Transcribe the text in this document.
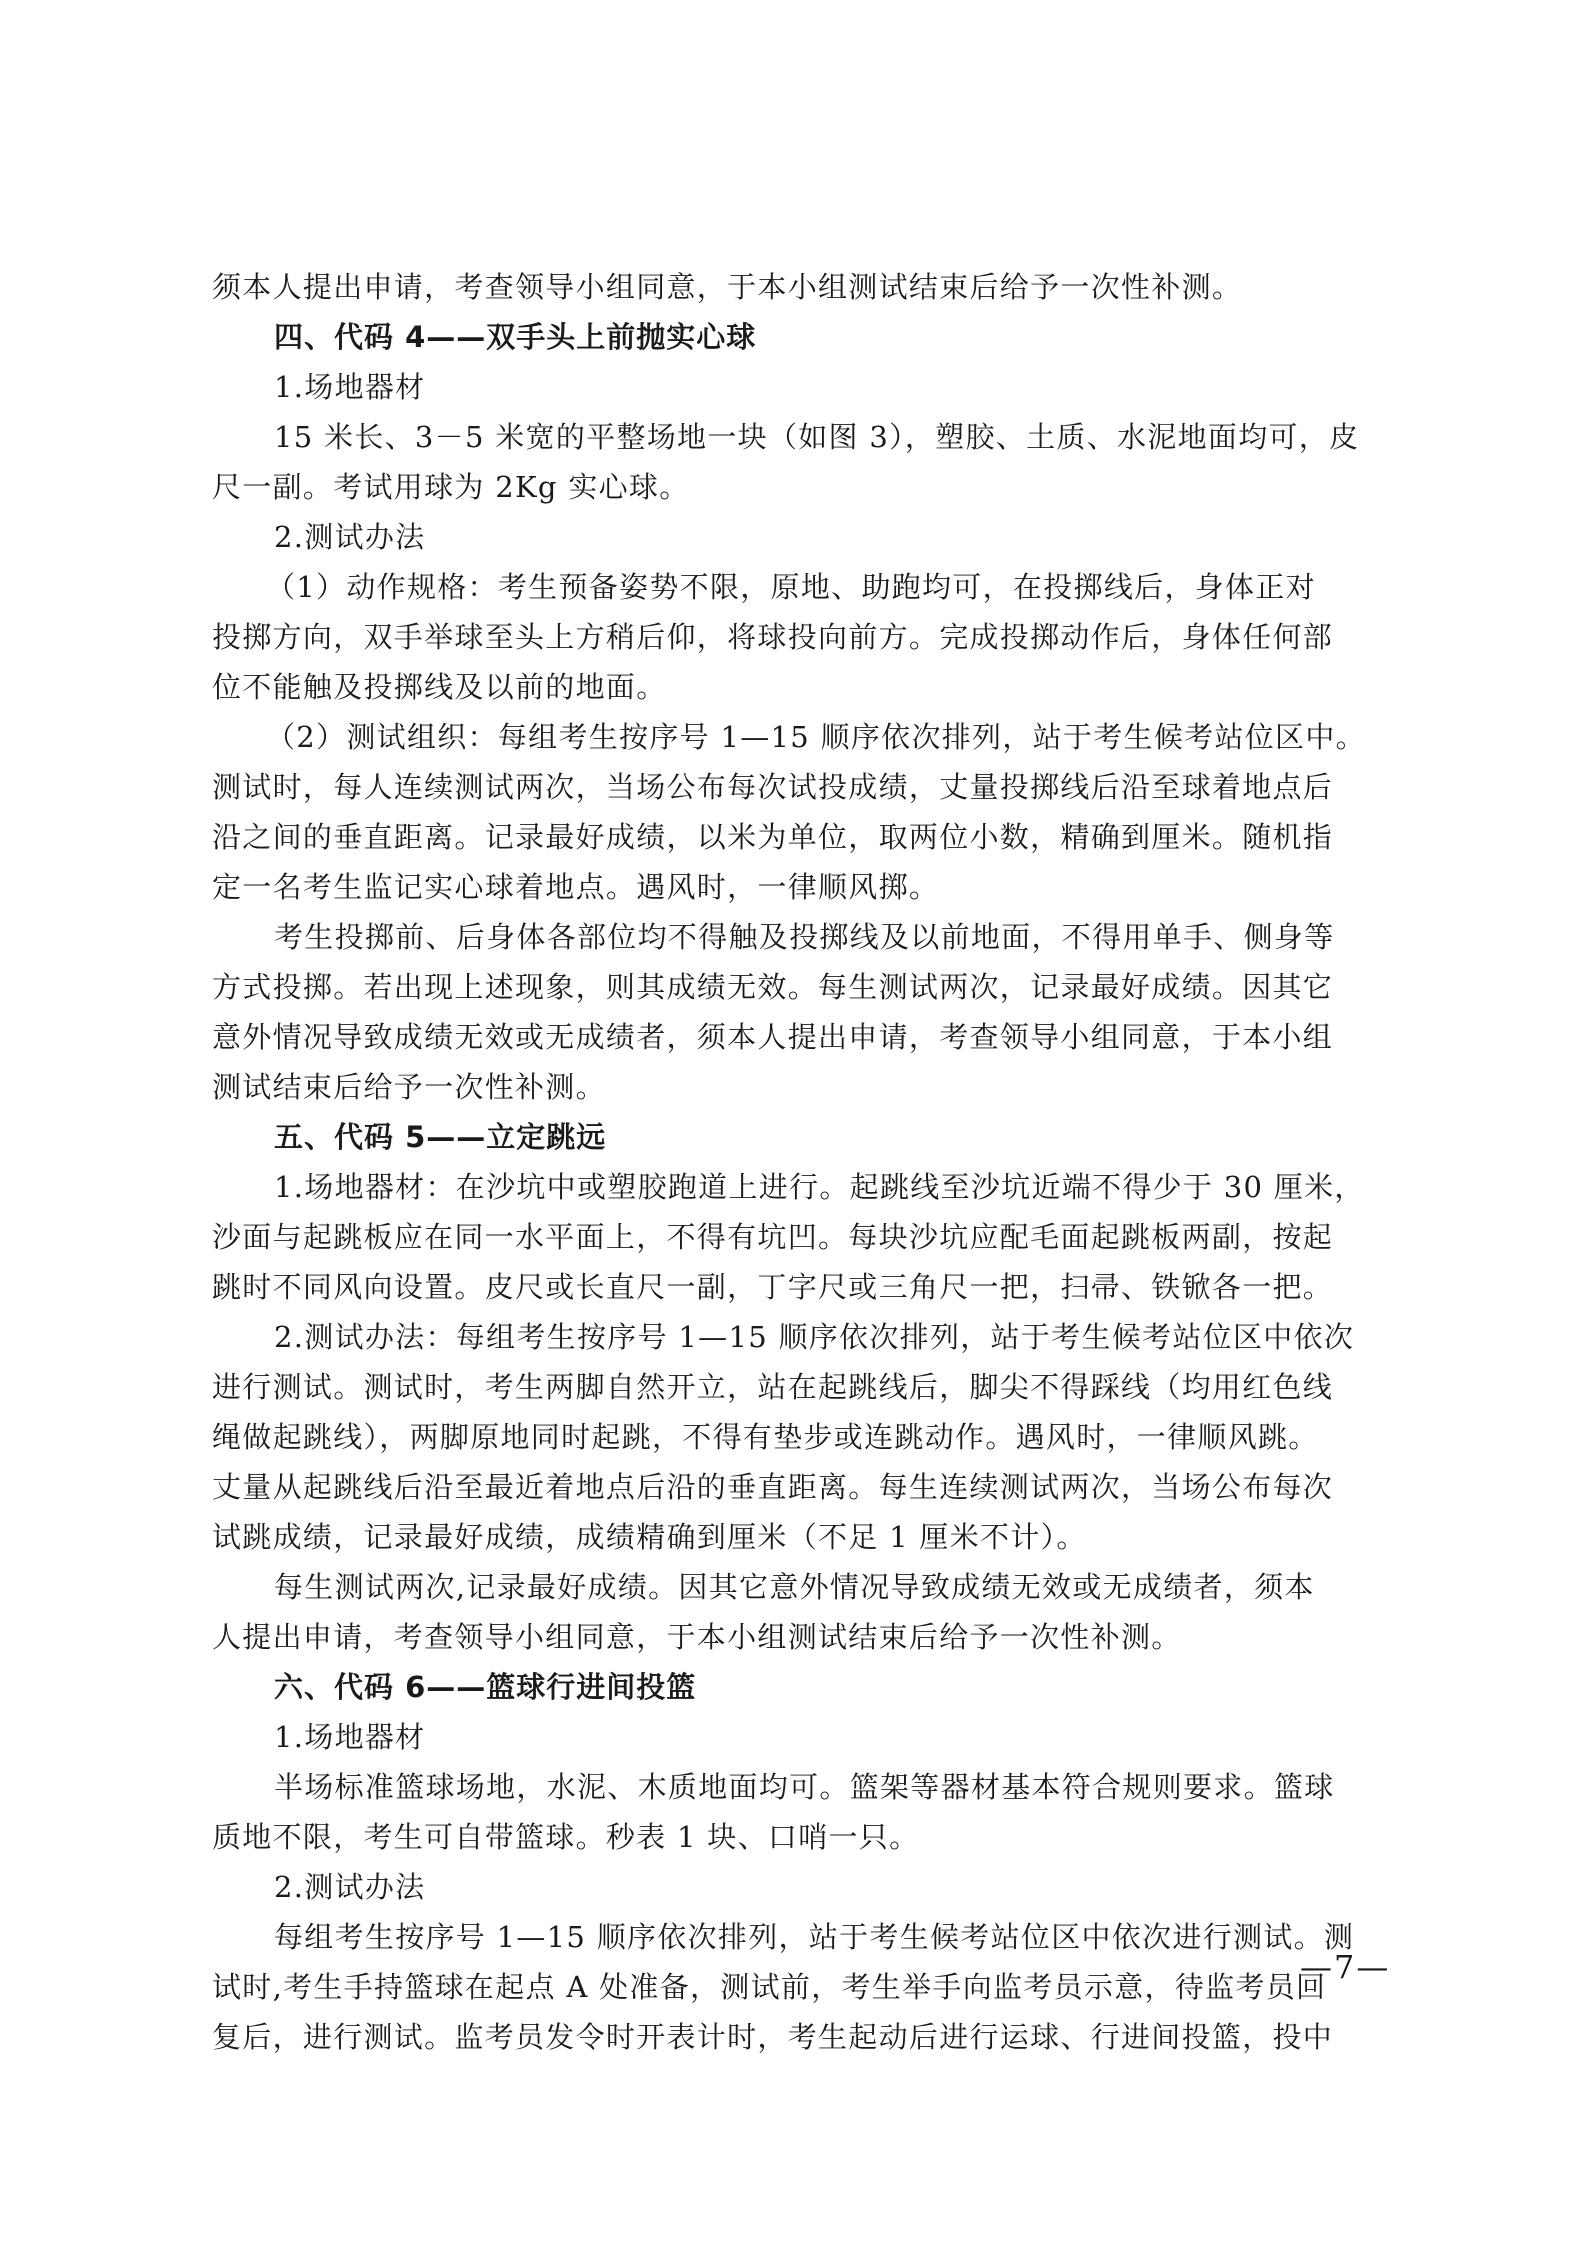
须本人提出申请，考查领导小组同意，于本小组测试结束后给予一次性补测。
四、代码 4——双手头上前抛实心球
1.场地器材
15 米长、3－5 米宽的平整场地一块（如图 3），塑胶、土质、水泥地面均可，皮
尺一副。考试用球为 2Kg 实心球。
2.测试办法
（1）动作规格：考生预备姿势不限，原地、助跑均可，在投掷线后，身体正对
投掷方向，双手举球至头上方稍后仰，将球投向前方。完成投掷动作后，身体任何部
位不能触及投掷线及以前的地面。
（2）测试组织：每组考生按序号 1—15 顺序依次排列，站于考生候考站位区中。
测试时，每人连续测试两次，当场公布每次试投成绩，丈量投掷线后沿至球着地点后
沿之间的垂直距离。记录最好成绩，以米为单位，取两位小数，精确到厘米。随机指
定一名考生监记实心球着地点。遇风时，一律顺风掷。
考生投掷前、后身体各部位均不得触及投掷线及以前地面，不得用单手、侧身等
方式投掷。若出现上述现象，则其成绩无效。每生测试两次，记录最好成绩。因其它
意外情况导致成绩无效或无成绩者，须本人提出申请，考查领导小组同意，于本小组
测试结束后给予一次性补测。
五、代码 5——立定跳远
1.场地器材：在沙坑中或塑胶跑道上进行。起跳线至沙坑近端不得少于 30 厘米，
沙面与起跳板应在同一水平面上，不得有坑凹。每块沙坑应配毛面起跳板两副，按起
跳时不同风向设置。皮尺或长直尺一副，丁字尺或三角尺一把，扫帚、铁锨各一把。
2.测试办法：每组考生按序号 1—15 顺序依次排列，站于考生候考站位区中依次
进行测试。测试时，考生两脚自然开立，站在起跳线后，脚尖不得踩线（均用红色线
绳做起跳线），两脚原地同时起跳，不得有垫步或连跳动作。遇风时，一律顺风跳。
丈量从起跳线后沿至最近着地点后沿的垂直距离。每生连续测试两次，当场公布每次
试跳成绩，记录最好成绩，成绩精确到厘米（不足 1 厘米不计）。
每生测试两次,记录最好成绩。因其它意外情况导致成绩无效或无成绩者，须本
人提出申请，考查领导小组同意，于本小组测试结束后给予一次性补测。
六、代码 6——篮球行进间投篮
1.场地器材
半场标准篮球场地，水泥、木质地面均可。篮架等器材基本符合规则要求。篮球
质地不限，考生可自带篮球。秒表 1 块、口哨一只。
2.测试办法
每组考生按序号 1—15 顺序依次排列，站于考生候考站位区中依次进行测试。测
试时,考生手持篮球在起点 A 处准备，测试前，考生举手向监考员示意，待监考员回
复后，进行测试。监考员发令时开表计时，考生起动后进行运球、行进间投篮，投中
—7—
